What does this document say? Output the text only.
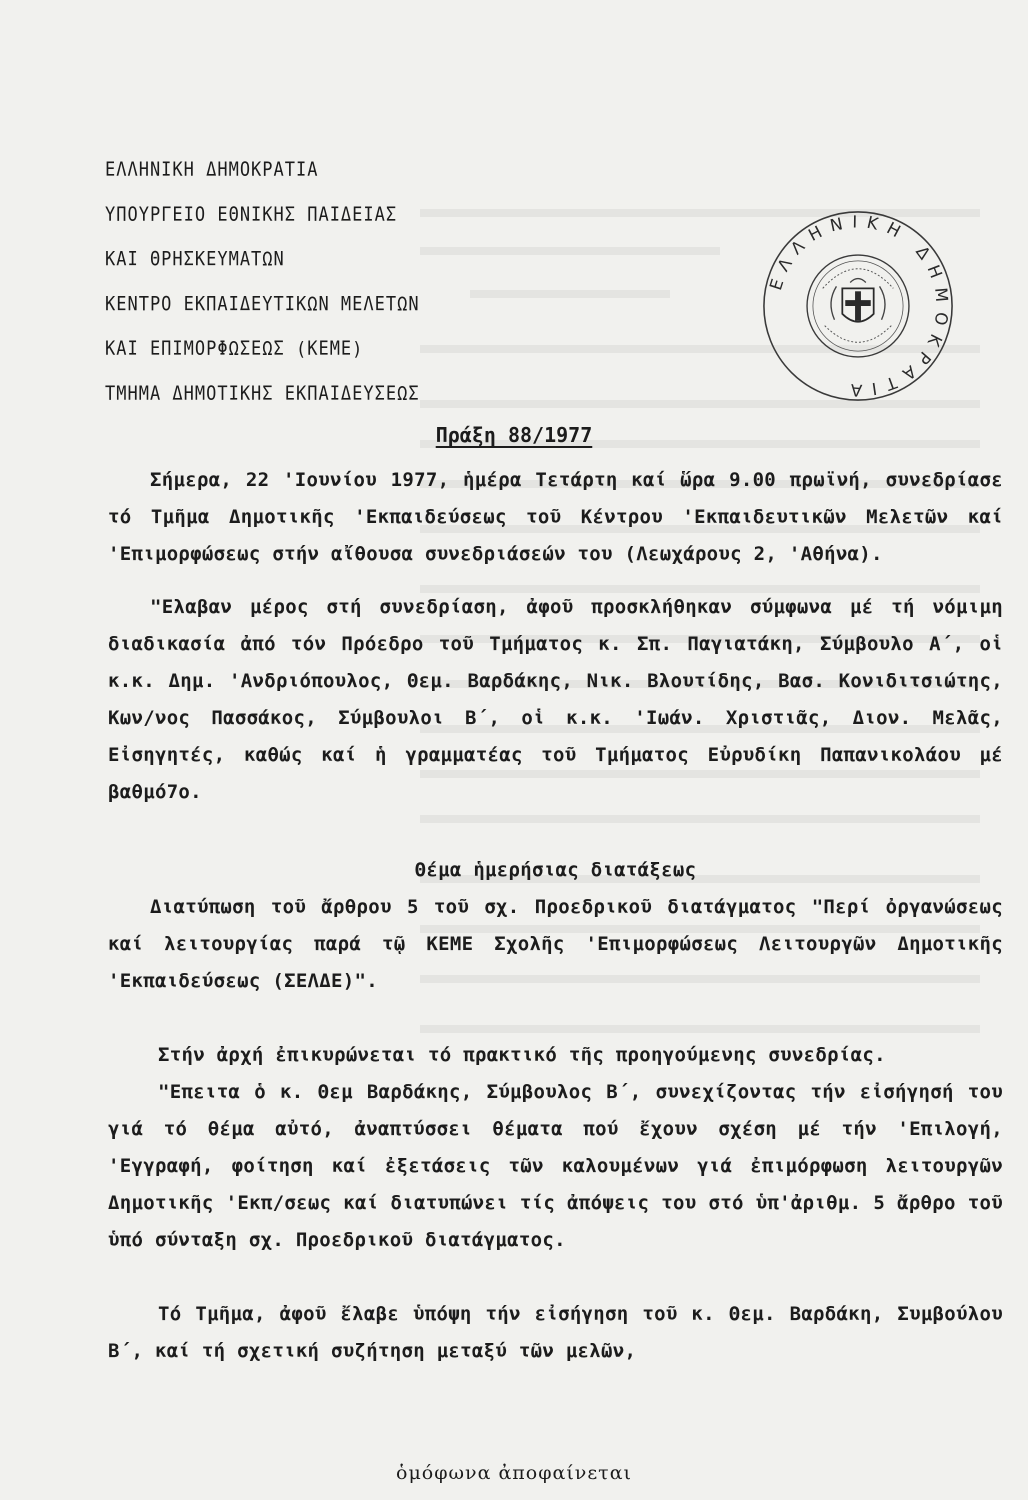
ΕΛΛΗΝΙΚΗ ΔΗΜΟΚΡΑΤΙΑ
ΥΠΟΥΡΓΕΙΟ ΕΘΝΙΚΗΣ ΠΑΙΔΕΙΑΣ
ΚΑΙ ΘΡΗΣΚΕΥΜΑΤΩΝ
ΚΕΝΤΡΟ ΕΚΠΑΙΔΕΥΤΙΚΩΝ ΜΕΛΕΤΩΝ
ΚΑΙ ΕΠΙΜΟΡΦΩΣΕΩΣ (ΚΕΜΕ)
ΤΜΗΜΑ ΔΗΜΟΤΙΚΗΣ ΕΚΠΑΙΔΕΥΣΕΩΣ
ΕΛΛΗΝΙΚΗ ΔΗΜΟΚΡΑΤΙΑ
Πράξη 88/1977

Σήμερα, 22 'Ιουνίου 1977, ἡμέρα Τετάρτη καί ὥρα 9.00 πρωϊνή, συνεδρίασε τό Τμῆμα Δημοτικῆς 'Εκπαιδεύσεως τοῦ Κέντρου 'Εκπαιδευτικῶν Μελετῶν καί 'Επιμορφώσεως στήν αἴθουσα συνεδριάσεών του (Λεωχάρους 2, 'Αθήνα).

"Ελαβαν μέρος στή συνεδρίαση, ἀφοῦ προσκλήθηκαν σύμφωνα μέ τή νόμιμη διαδικασία ἀπό τόν Πρόεδρο τοῦ Τμήματος κ. Σπ. Παγιατάκη, Σύμβουλο Α΄, οἱ κ.κ. Δημ. 'Ανδριόπουλος, Θεμ. Βαρδάκης, Νικ. Βλουτίδης, Βασ. Κονιδιτσιώτης, Κων/νος Πασσάκος, Σύμβουλοι Β΄, οἱ κ.κ. 'Ιωάν. Χριστιᾶς, Διον. Μελᾶς, Εἰσηγητές, καθώς καί ἡ γραμματέας τοῦ Τμήματος Εὐρυδίκη Παπανικολάου μέ βαθμό7ο.

Θέμα ἡμερήσιας διατάξεως

Διατύπωση τοῦ ἄρθρου 5 τοῦ σχ. Προεδρικοῦ διατάγματος "Περί ὀργανώσεως καί λειτουργίας παρά τῷ ΚΕΜΕ Σχολῆς 'Επιμορφώσεως Λειτουργῶν Δημοτικῆς 'Εκπαιδεύσεως (ΣΕΛΔΕ)".

Στήν ἀρχή ἐπικυρώνεται τό πρακτικό τῆς προηγούμενης συνεδρίας.

"Επειτα ὁ κ. Θεμ Βαρδάκης, Σύμβουλος Β΄, συνεχίζοντας τήν εἰσήγησή του γιά τό θέμα αὐτό, ἀναπτύσσει θέματα πού ἔχουν σχέση μέ τήν 'Επιλογή, 'Εγγραφή, φοίτηση καί ἐξετάσεις τῶν καλουμένων γιά ἐπιμόρφωση λειτουργῶν Δημοτικῆς 'Εκπ/σεως καί διατυπώνει τίς ἀπόψεις του στό ὑπ'ἀριθμ. 5 ἄρθρο τοῦ ὑπό σύνταξη σχ. Προεδρικοῦ διατάγματος.

Τό Τμῆμα, ἀφοῦ ἔλαβε ὑπόψη τήν εἰσήγηση τοῦ κ. Θεμ. Βαρδάκη, Συμβούλου Β΄, καί τή σχετική συζήτηση μεταξύ τῶν μελῶν,

ὁμόφωνα ἀποφαίνεται
